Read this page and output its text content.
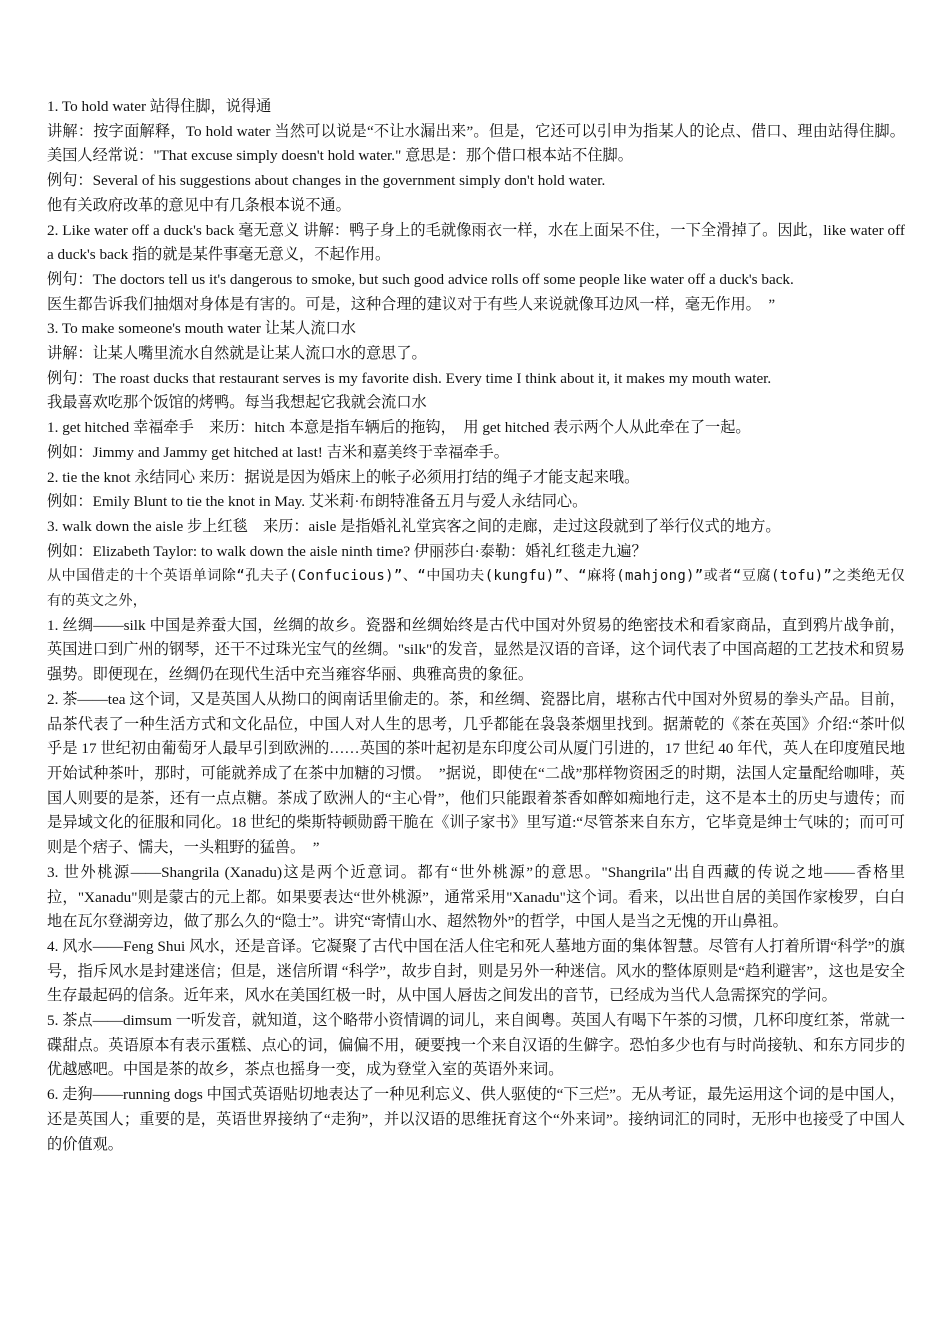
1. To hold water 站得住脚，说得通

讲解：按字面解释，To hold water 当然可以说是“不让水漏出来”。但是，它还可以引申为指某人的论点、借口、理由站得住脚。美国人经常说："That excuse simply doesn't hold water." 意思是：那个借口根本站不住脚。

例句：Several of his suggestions about changes in the government simply don't hold water.

他有关政府改革的意见中有几条根本说不通。

2. Like water off a duck's back 毫无意义 讲解：鸭子身上的毛就像雨衣一样，水在上面呆不住，一下全滑掉了。因此，like water off a duck's back 指的就是某件事毫无意义，不起作用。

例句：The doctors tell us it's dangerous to smoke, but such good advice rolls off some people like water off a duck's back.

医生都告诉我们抽烟对身体是有害的。可是，这种合理的建议对于有些人来说就像耳边风一样，毫无作用。　”

3. To make someone's mouth water 让某人流口水

讲解：让某人嘴里流水自然就是让某人流口水的意思了。

例句：The roast ducks that restaurant serves is my favorite dish. Every time I think about it, it makes my mouth water.

我最喜欢吃那个饭馆的烤鸭。每当我想起它我就会流口水

1. get hitched 幸福牵手　来历：hitch 本意是指车辆后的拖钩，　用 get hitched 表示两个人从此牵在了一起。

例如：Jimmy and Jammy get hitched at last! 吉米和嘉美终于幸福牵手。

2. tie the knot 永结同心 来历：据说是因为婚床上的帐子必须用打结的绳子才能支起来哦。

例如：Emily Blunt to tie the knot in May. 艾米莉·布朗特准备五月与爱人永结同心。

3. walk down the aisle 步上红毯　来历：aisle 是指婚礼礼堂宾客之间的走廊，走过这段就到了举行仪式的地方。

例如：Elizabeth Taylor: to walk down the aisle ninth time? 伊丽莎白·泰勒：婚礼红毯走九遍？

从中国借走的十个英语单词除“孔夫子(Confucious)”、“中国功夫(kungfu)”、“麻将(mahjong)”或者“豆腐(tofu)”之类绝无仅有的英文之外，

1. 丝绸——silk 中国是养蚕大国，丝绸的故乡。瓷器和丝绸始终是古代中国对外贸易的绝密技术和看家商品，直到鸦片战争前，英国进口到广州的钢琴，还干不过珠光宝气的丝绸。"silk"的发音，显然是汉语的音译，这个词代表了中国高超的工艺技术和贸易强势。即便现在，丝绸仍在现代生活中充当雍容华丽、典雅高贵的象征。

2. 茶——tea 这个词，又是英国人从拗口的闽南话里偷走的。茶，和丝绸、瓷器比肩，堪称古代中国对外贸易的拳头产品。目前，品茶代表了一种生活方式和文化品位，中国人对人生的思考，几乎都能在袅袅茶烟里找到。据萧乾的《茶在英国》介绍:“茶叶似乎是 17 世纪初由葡萄牙人最早引到欧洲的……英国的茶叶起初是东印度公司从厦门引进的，17 世纪 40 年代，英人在印度殖民地开始试种茶叶，那时，可能就养成了在茶中加糖的习惯。　”据说，即使在“二战”那样物资困乏的时期，法国人定量配给咖啡，英国人则要的是茶，还有一点点糖。茶成了欧洲人的“主心骨”，他们只能跟着茶香如醉如痴地行走，这不是本土的历史与遗传；而是异域文化的征服和同化。18 世纪的柴斯特顿勋爵干脆在《训子家书》里写道:“尽管茶来自东方，它毕竟是绅士气味的；而可可则是个痞子、懦夫，一头粗野的猛兽。　”

3. 世外桃源——Shangrila (Xanadu)这是两个近意词。都有“世外桃源”的意思。"Shangrila"出自西藏的传说之地——香格里拉，"Xanadu"则是蒙古的元上都。如果要表达“世外桃源”，通常采用"Xanadu"这个词。看来，以出世自居的美国作家梭罗，白白地在瓦尔登湖旁边，做了那么久的“隐士”。讲究“寄情山水、超然物外”的哲学，中国人是当之无愧的开山鼻祖。

4. 风水——Feng Shui 风水，还是音译。它凝聚了古代中国在活人住宅和死人墓地方面的集体智慧。尽管有人打着所谓“科学”的旗号，指斥风水是封建迷信；但是，迷信所谓 “科学”，故步自封，则是另外一种迷信。风水的整体原则是“趋利避害”，这也是安全生存最起码的信条。近年来，风水在美国红极一时，从中国人唇齿之间发出的音节，已经成为当代人急需探究的学问。

5. 茶点——dimsum 一听发音，就知道，这个略带小资情调的词儿，来自闽粤。英国人有喝下午茶的习惯，几杯印度红茶，常就一碟甜点。英语原本有表示蛋糕、点心的词，偏偏不用，硬要拽一个来自汉语的生僻字。恐怕多少也有与时尚接轨、和东方同步的优越感吧。中国是茶的故乡，茶点也摇身一变，成为登堂入室的英语外来词。

6. 走狗——running dogs 中国式英语贴切地表达了一种见利忘义、供人驱使的“下三烂”。无从考证，最先运用这个词的是中国人，还是英国人；重要的是，英语世界接纳了“走狗”，并以汉语的思维抚育这个“外来词”。接纳词汇的同时，无形中也接受了中国人的价值观。
